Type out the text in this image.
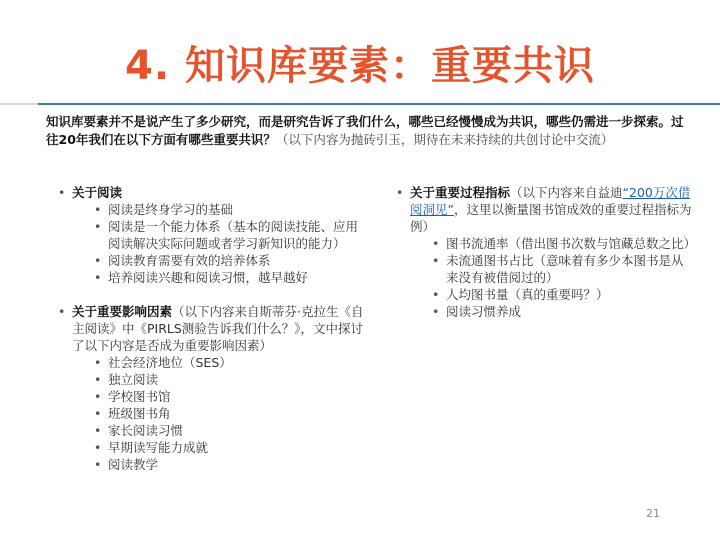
4. 知识库要素：重要共识
知识库要素并不是说产生了多少研究，而是研究告诉了我们什么，哪些已经慢慢成为共识，哪些仍需进一步探索。过往20年我们在以下方面有哪些重要共识？（以下内容为抛砖引玉，期待在未来持续的共创讨论中交流）
• 关于阅读
• 阅读是终身学习的基础
• 阅读是一个能力体系（基本的阅读技能、应用阅读解决实际问题或者学习新知识的能力）
• 阅读教育需要有效的培养体系
• 培养阅读兴趣和阅读习惯，越早越好
• 关于重要影响因素（以下内容来自斯蒂芬·克拉生《自主阅读》中《PIRLS测验告诉我们什么？》，文中探讨了以下内容是否成为重要影响因素）
• 社会经济地位（SES）
• 独立阅读
• 学校图书馆
• 班级图书角
• 家长阅读习惯
• 早期读写能力成就
• 阅读教学
• 关于重要过程指标（以下内容来自益迪“200万次借阅洞见”，这里以衡量图书馆成效的重要过程指标为例）
• 图书流通率（借出图书次数与馆藏总数之比）
• 未流通图书占比（意味着有多少本图书是从来没有被借阅过的）
• 人均图书量（真的重要吗？）
• 阅读习惯养成
21
